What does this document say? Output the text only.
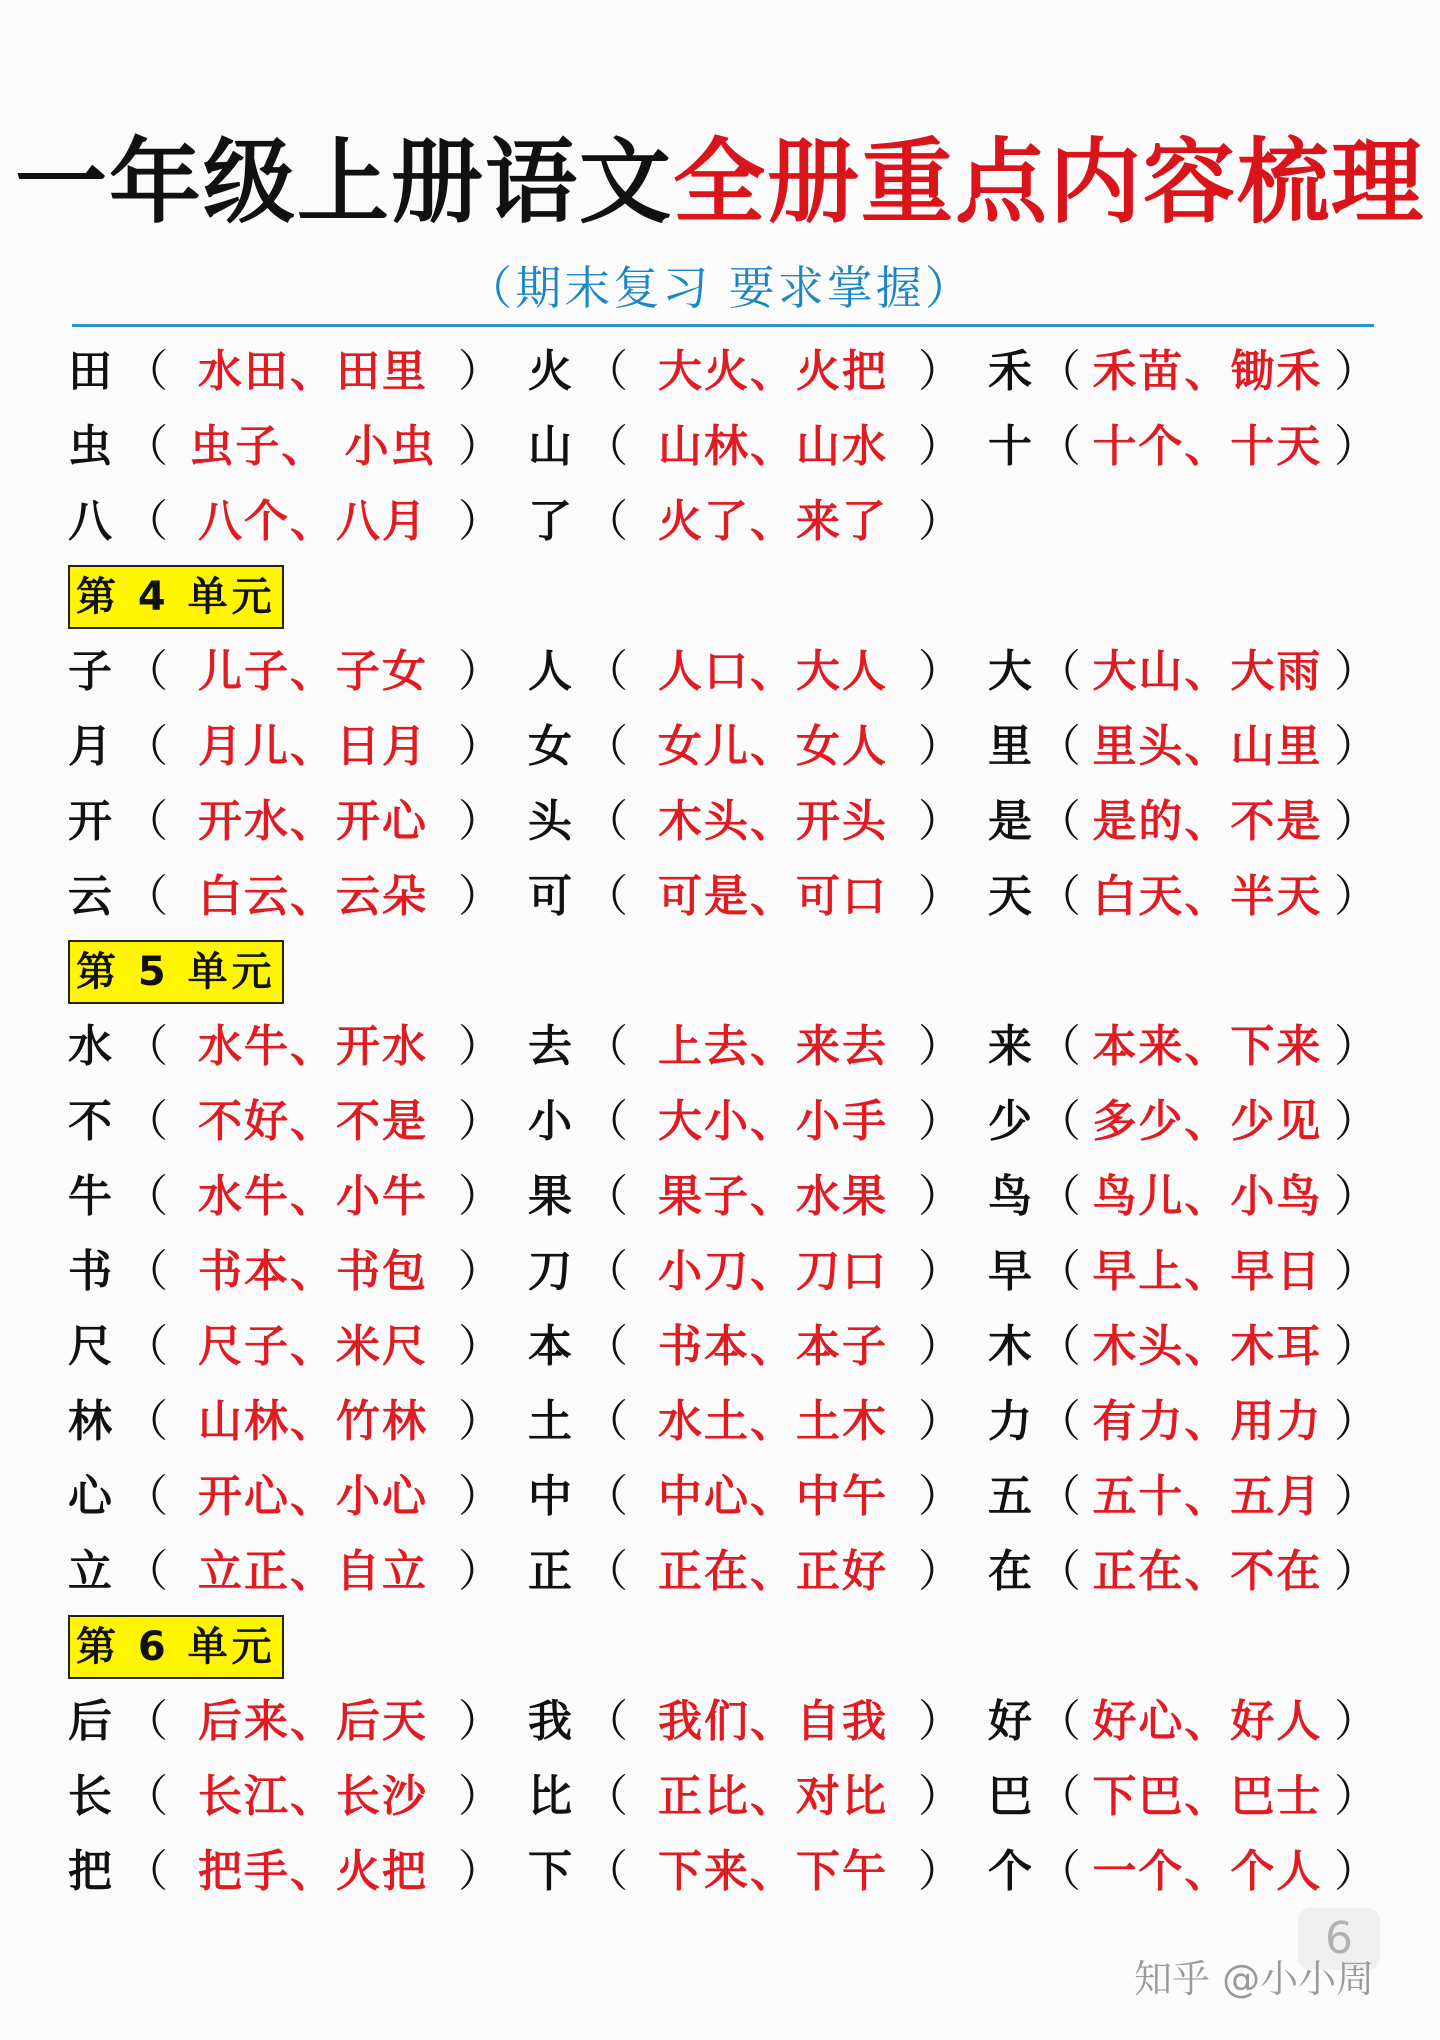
一年级上册语文全册重点内容梳理
（期末复习 要求掌握）
田 （ 水田、田里 ） 火 （ 大火、火把 ） 禾 （ 禾苗、锄禾 ）
虫 （ 虫子、 小虫 ） 山 （ 山林、山水 ） 十 （ 十个、十天 ）
八 （ 八个、八月 ） 了 （ 火了、来了 ）
第 4 单元
子 （ 儿子、子女 ） 人 （ 人口、大人 ） 大 （ 大山、大雨 ）
月 （ 月儿、日月 ） 女 （ 女儿、女人 ） 里 （ 里头、山里 ）
开 （ 开水、开心 ） 头 （ 木头、开头 ） 是 （ 是的、不是 ）
云 （ 白云、云朵 ） 可 （ 可是、可口 ） 天 （ 白天、半天 ）
第 5 单元
水 （ 水牛、开水 ） 去 （ 上去、来去 ） 来 （ 本来、下来 ）
不 （ 不好、不是 ） 小 （ 大小、小手 ） 少 （ 多少、少见 ）
牛 （ 水牛、小牛 ） 果 （ 果子、水果 ） 鸟 （ 鸟儿、小鸟 ）
书 （ 书本、书包 ） 刀 （ 小刀、刀口 ） 早 （ 早上、早日 ）
尺 （ 尺子、米尺 ） 本 （ 书本、本子 ） 木 （ 木头、木耳 ）
林 （ 山林、竹林 ） 土 （ 水土、土木 ） 力 （ 有力、用力 ）
心 （ 开心、小心 ） 中 （ 中心、中午 ） 五 （ 五十、五月 ）
立 （ 立正、自立 ） 正 （ 正在、正好 ） 在 （ 正在、不在 ）
第 6 单元
后 （ 后来、后天 ） 我 （ 我们、自我 ） 好 （ 好心、好人 ）
长 （ 长江、长沙 ） 比 （ 正比、对比 ） 巴 （ 下巴、巴士 ）
把 （ 把手、火把 ） 下 （ 下来、下午 ） 个 （ 一个、个人 ）
6
知乎 @小小周
